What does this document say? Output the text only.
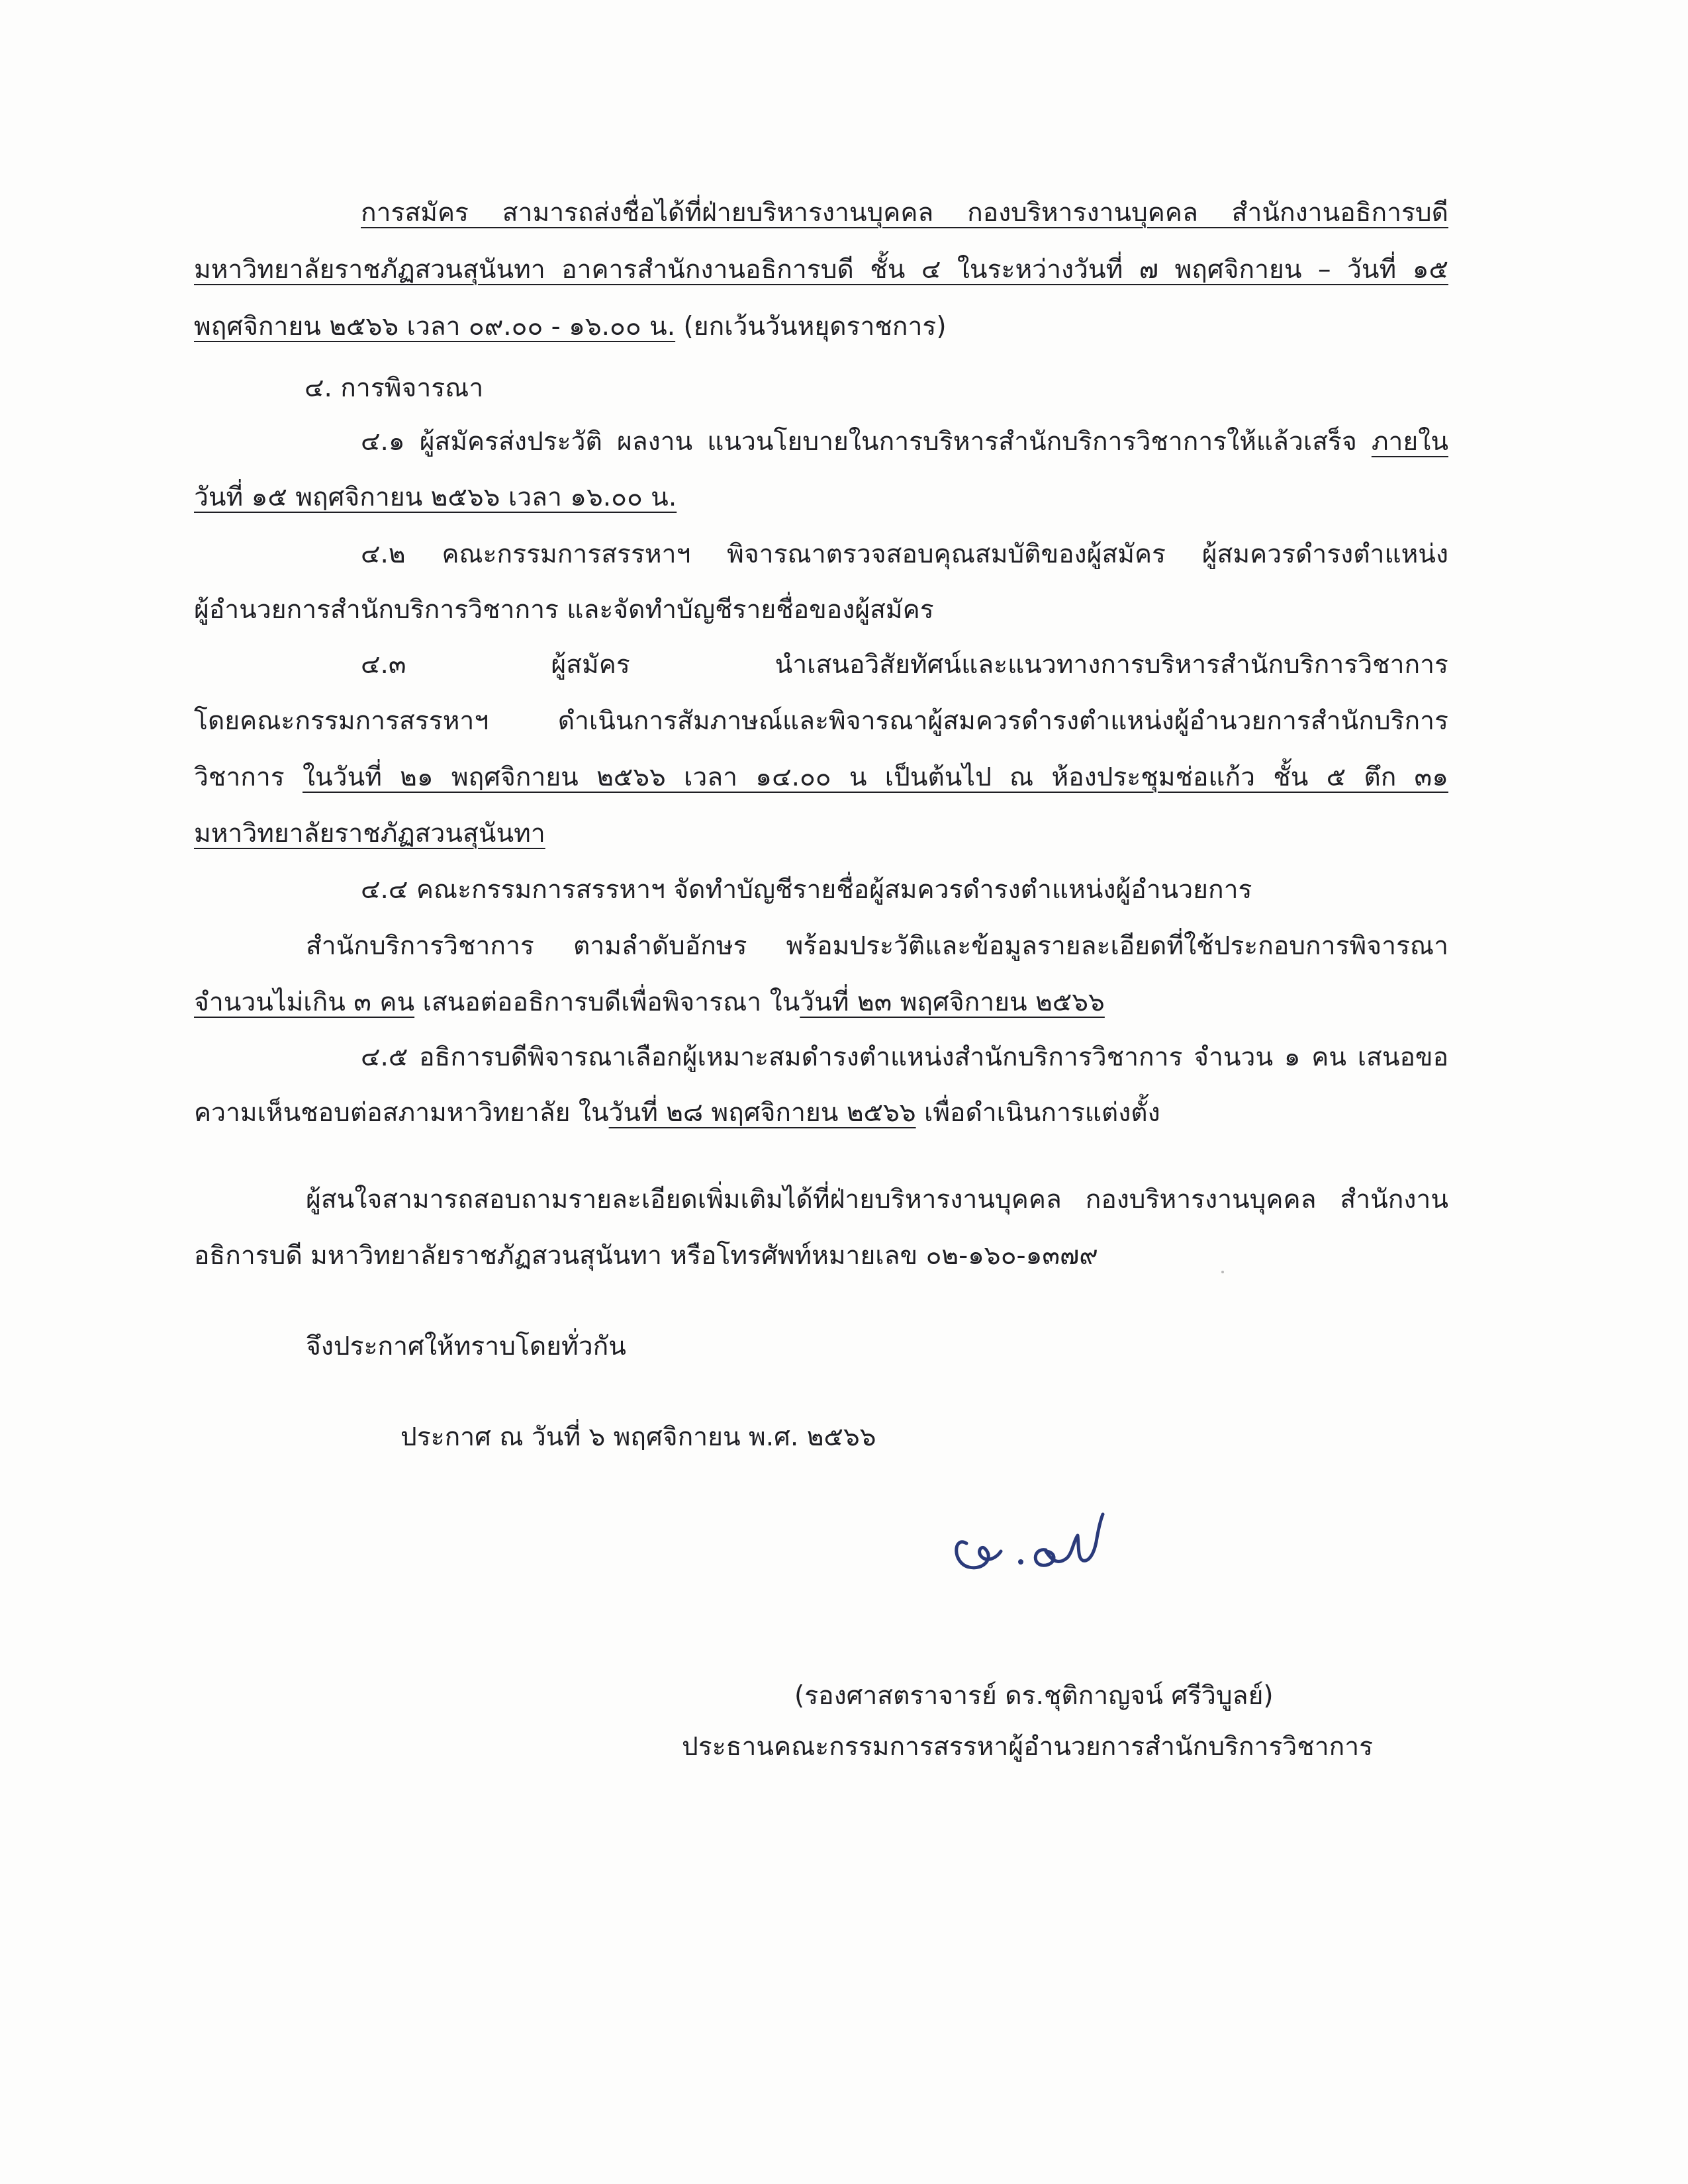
การสมัคร สามารถส่งชื่อได้ที่ฝ่ายบริหารงานบุคคล กองบริหารงานบุคคล สำนักงานอธิการบดี
มหาวิทยาลัยราชภัฏสวนสุนันทา อาคารสำนักงานอธิการบดี ชั้น ๔ ในระหว่างวันที่ ๗ พฤศจิกายน – วันที่ ๑๕
พฤศจิกายน ๒๕๖๖ เวลา ๐๙.๐๐ - ๑๖.๐๐ น. (ยกเว้นวันหยุดราชการ)
๔. การพิจารณา
๔.๑ ผู้สมัครส่งประวัติ ผลงาน แนวนโยบายในการบริหารสำนักบริการวิชาการให้แล้วเสร็จ ภายใน
วันที่ ๑๕ พฤศจิกายน ๒๕๖๖ เวลา ๑๖.๐๐ น.
๔.๒ คณะกรรมการสรรหาฯ พิจารณาตรวจสอบคุณสมบัติของผู้สมัคร ผู้สมควรดำรงตำแหน่ง
ผู้อำนวยการสำนักบริการวิชาการ และจัดทำบัญชีรายชื่อของผู้สมัคร
๔.๓ ผู้สมัคร นำเสนอวิสัยทัศน์และแนวทางการบริหารสำนักบริการวิชาการ
โดยคณะกรรมการสรรหาฯ ดำเนินการสัมภาษณ์และพิจารณาผู้สมควรดำรงตำแหน่งผู้อำนวยการสำนักบริการ
วิชาการ ในวันที่ ๒๑ พฤศจิกายน ๒๕๖๖ เวลา ๑๔.๐๐ น เป็นต้นไป ณ ห้องประชุมช่อแก้ว ชั้น ๕ ตึก ๓๑
มหาวิทยาลัยราชภัฏสวนสุนันทา
๔.๔ คณะกรรมการสรรหาฯ จัดทำบัญชีรายชื่อผู้สมควรดำรงตำแหน่งผู้อำนวยการ
สำนักบริการวิชาการ ตามลำดับอักษร พร้อมประวัติและข้อมูลรายละเอียดที่ใช้ประกอบการพิจารณา
จำนวนไม่เกิน ๓ คน เสนอต่ออธิการบดีเพื่อพิจารณา ในวันที่ ๒๓ พฤศจิกายน ๒๕๖๖
๔.๕ อธิการบดีพิจารณาเลือกผู้เหมาะสมดำรงตำแหน่งสำนักบริการวิชาการ จำนวน ๑ คน เสนอขอ
ความเห็นชอบต่อสภามหาวิทยาลัย ในวันที่ ๒๘ พฤศจิกายน ๒๕๖๖ เพื่อดำเนินการแต่งตั้ง
ผู้สนใจสามารถสอบถามรายละเอียดเพิ่มเติมได้ที่ฝ่ายบริหารงานบุคคล กองบริหารงานบุคคล สำนักงาน
อธิการบดี มหาวิทยาลัยราชภัฏสวนสุนันทา หรือโทรศัพท์หมายเลข ๐๒-๑๖๐-๑๓๗๙
จึงประกาศให้ทราบโดยทั่วกัน
ประกาศ ณ วันที่ ๖ พฤศจิกายน พ.ศ. ๒๕๖๖
(รองศาสตราจารย์ ดร.ชุติกาญจน์ ศรีวิบูลย์)
ประธานคณะกรรมการสรรหาผู้อำนวยการสำนักบริการวิชาการ
